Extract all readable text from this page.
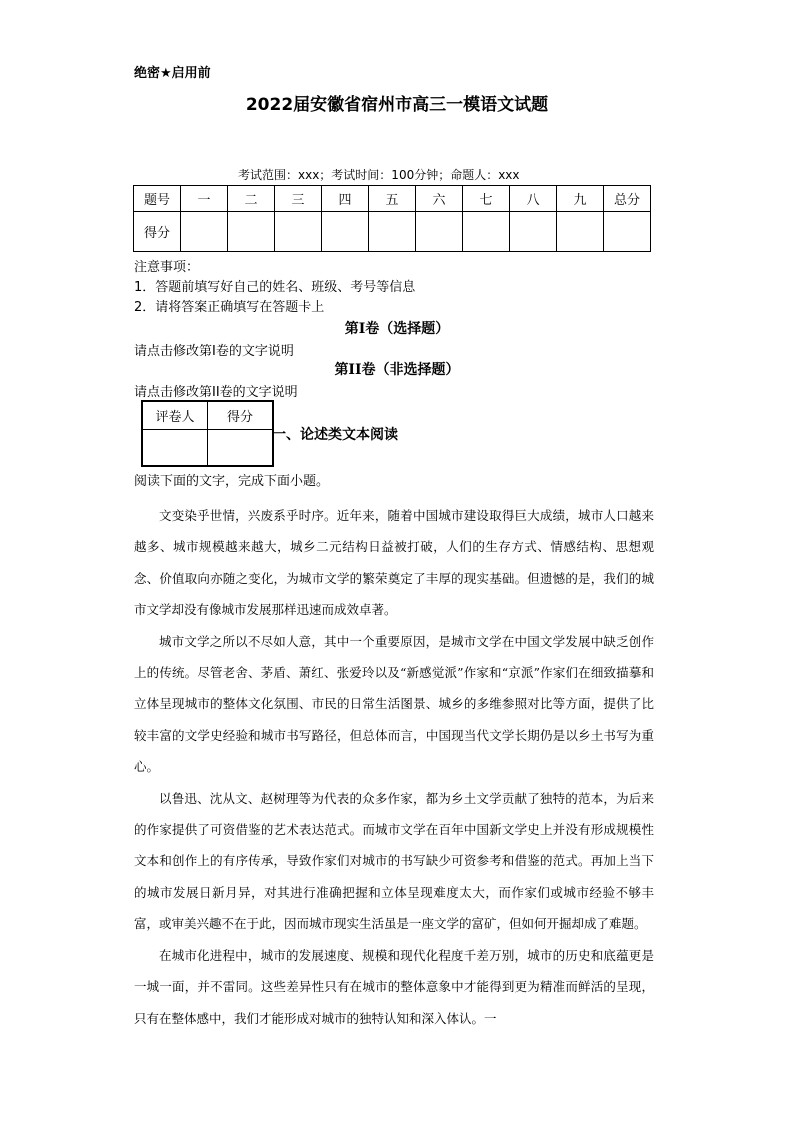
绝密★启用前
2022届安徽省宿州市高三一模语文试题
考试范围：xxx；考试时间：100分钟；命题人：xxx
题号	一	二	三	四	五	六	七	八	九	总分
得分										
注意事项：
1．答题前填写好自己的姓名、班级、考号等信息
2．请将答案正确填写在答题卡上
第I卷（选择题）
请点击修改第I卷的文字说明
第II卷（非选择题）
请点击修改第II卷的文字说明
评卷人	得分

一、论述类文本阅读
阅读下面的文字，完成下面小题。

文变染乎世情，兴废系乎时序。近年来，随着中国城市建设取得巨大成绩，城市人口越来越多、城市规模越来越大，城乡二元结构日益被打破，人们的生存方式、情感结构、思想观念、价值取向亦随之变化，为城市文学的繁荣奠定了丰厚的现实基础。但遗憾的是，我们的城市文学却没有像城市发展那样迅速而成效卓著。

城市文学之所以不尽如人意，其中一个重要原因，是城市文学在中国文学发展中缺乏创作上的传统。尽管老舍、茅盾、萧红、张爱玲以及“新感觉派”作家和“京派”作家们在细致描摹和立体呈现城市的整体文化氛围、市民的日常生活图景、城乡的多维参照对比等方面，提供了比较丰富的文学史经验和城市书写路径，但总体而言，中国现当代文学长期仍是以乡土书写为重心。

以鲁迅、沈从文、赵树理等为代表的众多作家，都为乡土文学贡献了独特的范本，为后来的作家提供了可资借鉴的艺术表达范式。而城市文学在百年中国新文学史上并没有形成规模性文本和创作上的有序传承，导致作家们对城市的书写缺少可资参考和借鉴的范式。再加上当下的城市发展日新月异，对其进行准确把握和立体呈现难度太大，而作家们或城市经验不够丰富，或审美兴趣不在于此，因而城市现实生活虽是一座文学的富矿，但如何开掘却成了难题。

在城市化进程中，城市的发展速度、规模和现代化程度千差万别，城市的历史和底蕴更是一城一面，并不雷同。这些差异性只有在城市的整体意象中才能得到更为精准而鲜活的呈现，只有在整体感中，我们才能形成对城市的独特认知和深入体认。一
